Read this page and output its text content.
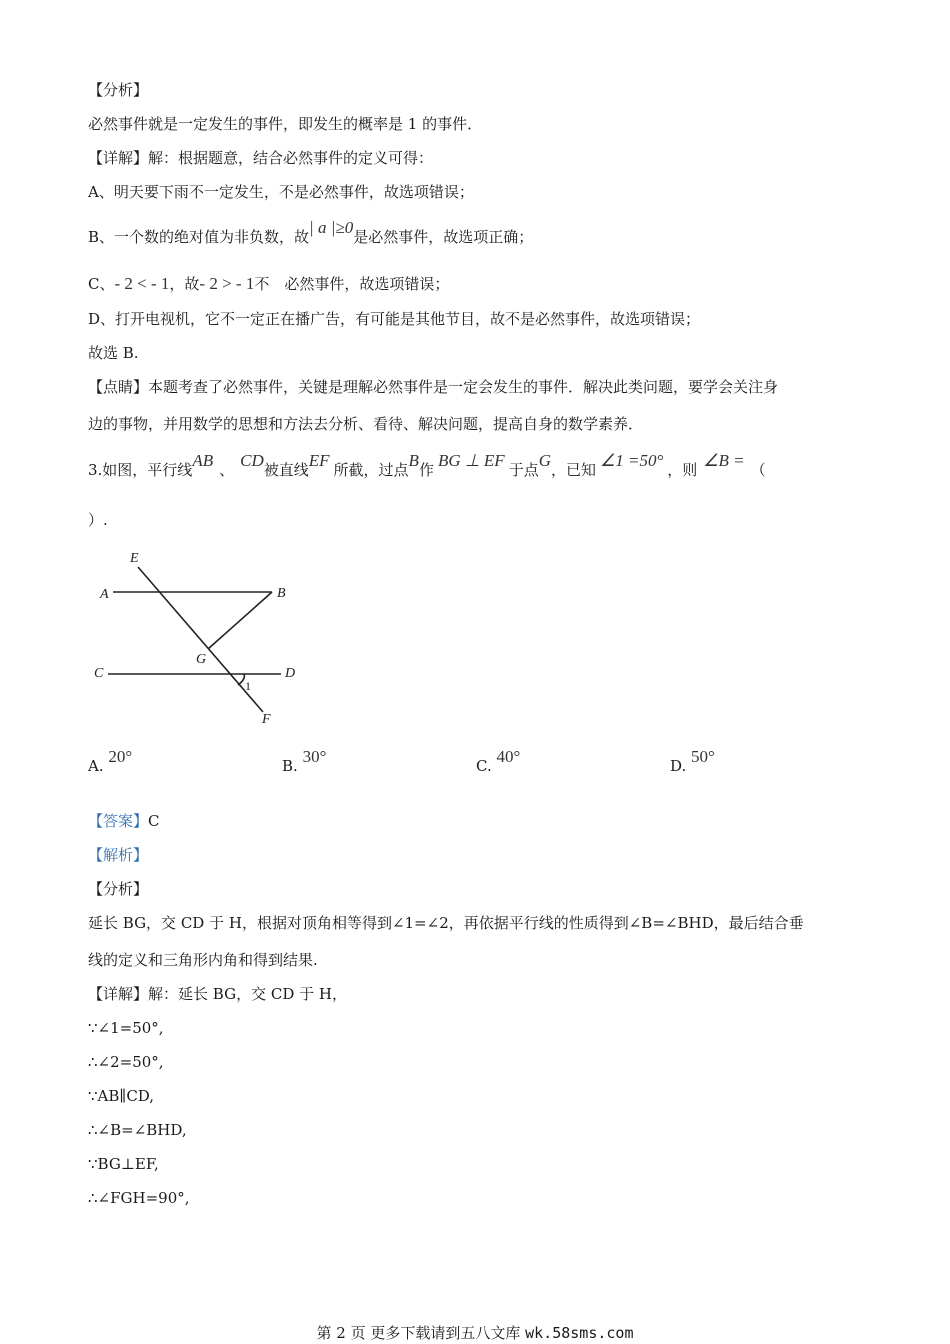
【分析】
必然事件就是一定发生的事件，即发生的概率是 1 的事件．
【详解】解：根据题意，结合必然事件的定义可得：
A、明天要下雨不一定发生，不是必然事件，故选项错误；
B、一个数的绝对值为非负数，故| a |≥0是必然事件，故选项正确；
C、- 2 < - 1，故- 2 > - 1不　必然事件，故选项错误；
D、打开电视机，它不一定正在播广告，有可能是其他节目，故不是必然事件，故选项错误；
故选 B.
【点睛】本题考查了必然事件，关键是理解必然事件是一定会发生的事件．解决此类问题，要学会关注身
边的事物，并用数学的思想和方法去分析、看待、解决问题，提高自身的数学素养．
3.如图，平行线AB 、 CD被直线EF 所截，过点B作 BG ⊥ EF 于点G，已知 ∠1 =50° ，则 ∠B = （
）.
E
A	B
G
C	D
1
F
A. 20°	B. 30°	C. 40°	D. 50°
【答案】C
【解析】
【分析】
延长 BG，交 CD 于 H，根据对顶角相等得到∠1=∠2，再依据平行线的性质得到∠B=∠BHD，最后结合垂
线的定义和三角形内角和得到结果.
【详解】解：延长 BG，交 CD 于 H，
∵∠1=50°,
∴∠2=50°,
∵AB∥CD,
∴∠B=∠BHD,
∵BG⊥EF,
∴∠FGH=90°,
第 2 页 更多下载请到五八文库 wk.58sms.com
